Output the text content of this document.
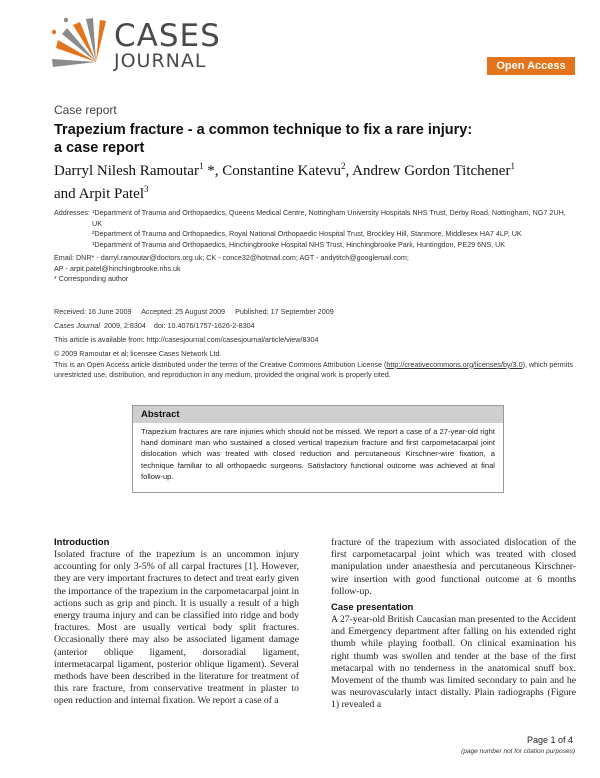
CASES
JOURNAL	Open Access
Case report
Trapezium fracture - a common technique to fix a rare injury:
a case report
Darryl Nilesh Ramoutar$^1$ *, Constantine Katevu$^2$, Andrew Gordon Titchener$^1$
and Arpit Patel$^3$
Addresses: ¹Department of Trauma and Orthopaedics, Queens Medical Centre, Nottingham University Hospitals NHS Trust, Derby Road, Nottingham, NG7 2UH, UK
²Department of Trauma and Orthopaedics, Royal National Orthopaedic Hospital Trust, Brockley Hill, Stanmore, Middlesex HA7 4LP, UK
³Department of Trauma and Orthopaedics, Hinchingbrooke Hospital NHS Trust, Hinchingbrooke Park, Huntingdon, PE29 6NS, UK
Email: DNR* - darryl.ramoutar@doctors.org.uk; CK - conce32@hotmail.com; AGT - andytitch@googlemail.com;
AP - arpit.patel@hinchingbrooke.nhs.uk
* Corresponding author
Received: 16 June 2009 Accepted: 25 August 2009 Published: 17 September 2009
Cases Journal 2009, 2:8304 doi: 10.4076/1757-1626-2-8304
This article is available from: http://casesjournal.com/casesjournal/article/view/8304
© 2009 Ramoutar et al; licensee Cases Network Ltd.
This is an Open Access article distributed under the terms of the Creative Commons Attribution License (http://creativecommons.org/licenses/by/3.0), which permits unrestricted use, distribution, and reproduction in any medium, provided the original work is properly cited.
Abstract
Trapezium fractures are rare injuries which should not be missed. We report a case of a 27-year-old right hand dominant man who sustained a closed vertical trapezium fracture and first carpometacarpal joint dislocation which was treated with closed reduction and percutaneous Kirschner-wire fixation, a technique familiar to all orthopaedic surgeons. Satisfactory functional outcome was achieved at final follow-up.
Introduction

Isolated fracture of the trapezium is an uncommon injury accounting for only 3-5% of all carpal fractures [1]. However, they are very important fractures to detect and treat early given the importance of the trapezium in the carpometacarpal joint in actions such as grip and pinch. It is usually a result of a high energy trauma injury and can be classified into ridge and body fractures. Most are usually vertical body split fractures. Occasionally there may also be associated ligament damage (anterior oblique ligament, dorsoradial ligament, intermetacarpal ligament, posterior oblique ligament). Several methods have been described in the literature for treatment of this rare fracture, from conservative treatment in plaster to open reduction and internal fixation. We report a case of a

fracture of the trapezium with associated dislocation of the first carpometacarpal joint which was treated with closed manipulation under anaesthesia and percutaneous Kirschner-wire insertion with good functional outcome at 6 months follow-up.

Case presentation

A 27-year-old British Caucasian man presented to the Accident and Emergency department after falling on his extended right thumb while playing football. On clinical examination his right thumb was swollen and tender at the base of the first metacarpal with no tenderness in the anatomical snuff box. Movement of the thumb was limited secondary to pain and he was neurovascularly intact distally. Plain radiographs (Figure 1) revealed a

Page 1 of 4
(page number not for citation purposes)
